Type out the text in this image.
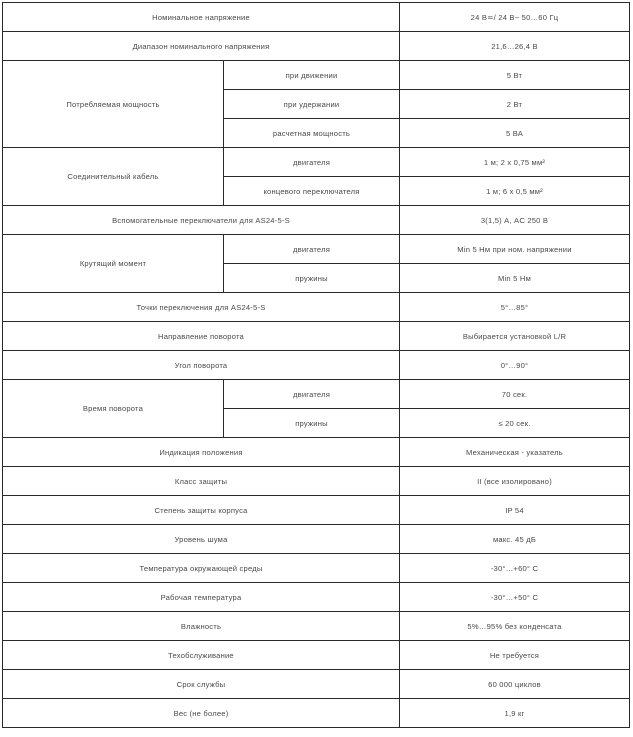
Номинальное напряжение		24 В≂/ 24 В~ 50…60 Гц
Диапазон номинального напряжения		21,6…26,4 В
Потребляемая мощность	при движении	5 Вт
	при удержании	2 Вт
	расчетная мощность	5 ВА
Соединительный кабель	двигателя	1 м; 2 х 0,75 мм²
	концевого переключателя	1 м; 6 х 0,5 мм²
Вспомогательные переключатели для AS24-5-S		3(1,5) А, AC 250 В
Крутящий момент	двигателя	Min 5 Нм при ном. напряжении
	пружины	Min 5 Нм
Точки переключения для AS24-5-S		5°…85°
Направление поворота		Выбирается установкой L/R
Угол поворота		0°…90°
Время поворота	двигателя	70 сек.
	пружины	≤ 20 сек.
Индикация положения		Механическая - указатель
Класс защиты		II (все изолировано)
Степень защиты корпуса		IP 54
Уровень шума		макс. 45 дБ
Температура окружающей среды		-30°…+60° С
Рабочая температура		-30°…+50° С
Влажность		5%…95% без конденсата
Техобслуживание		Не требуется
Срок службы		60 000 циклов
Вес (не более)		1,9 кг
